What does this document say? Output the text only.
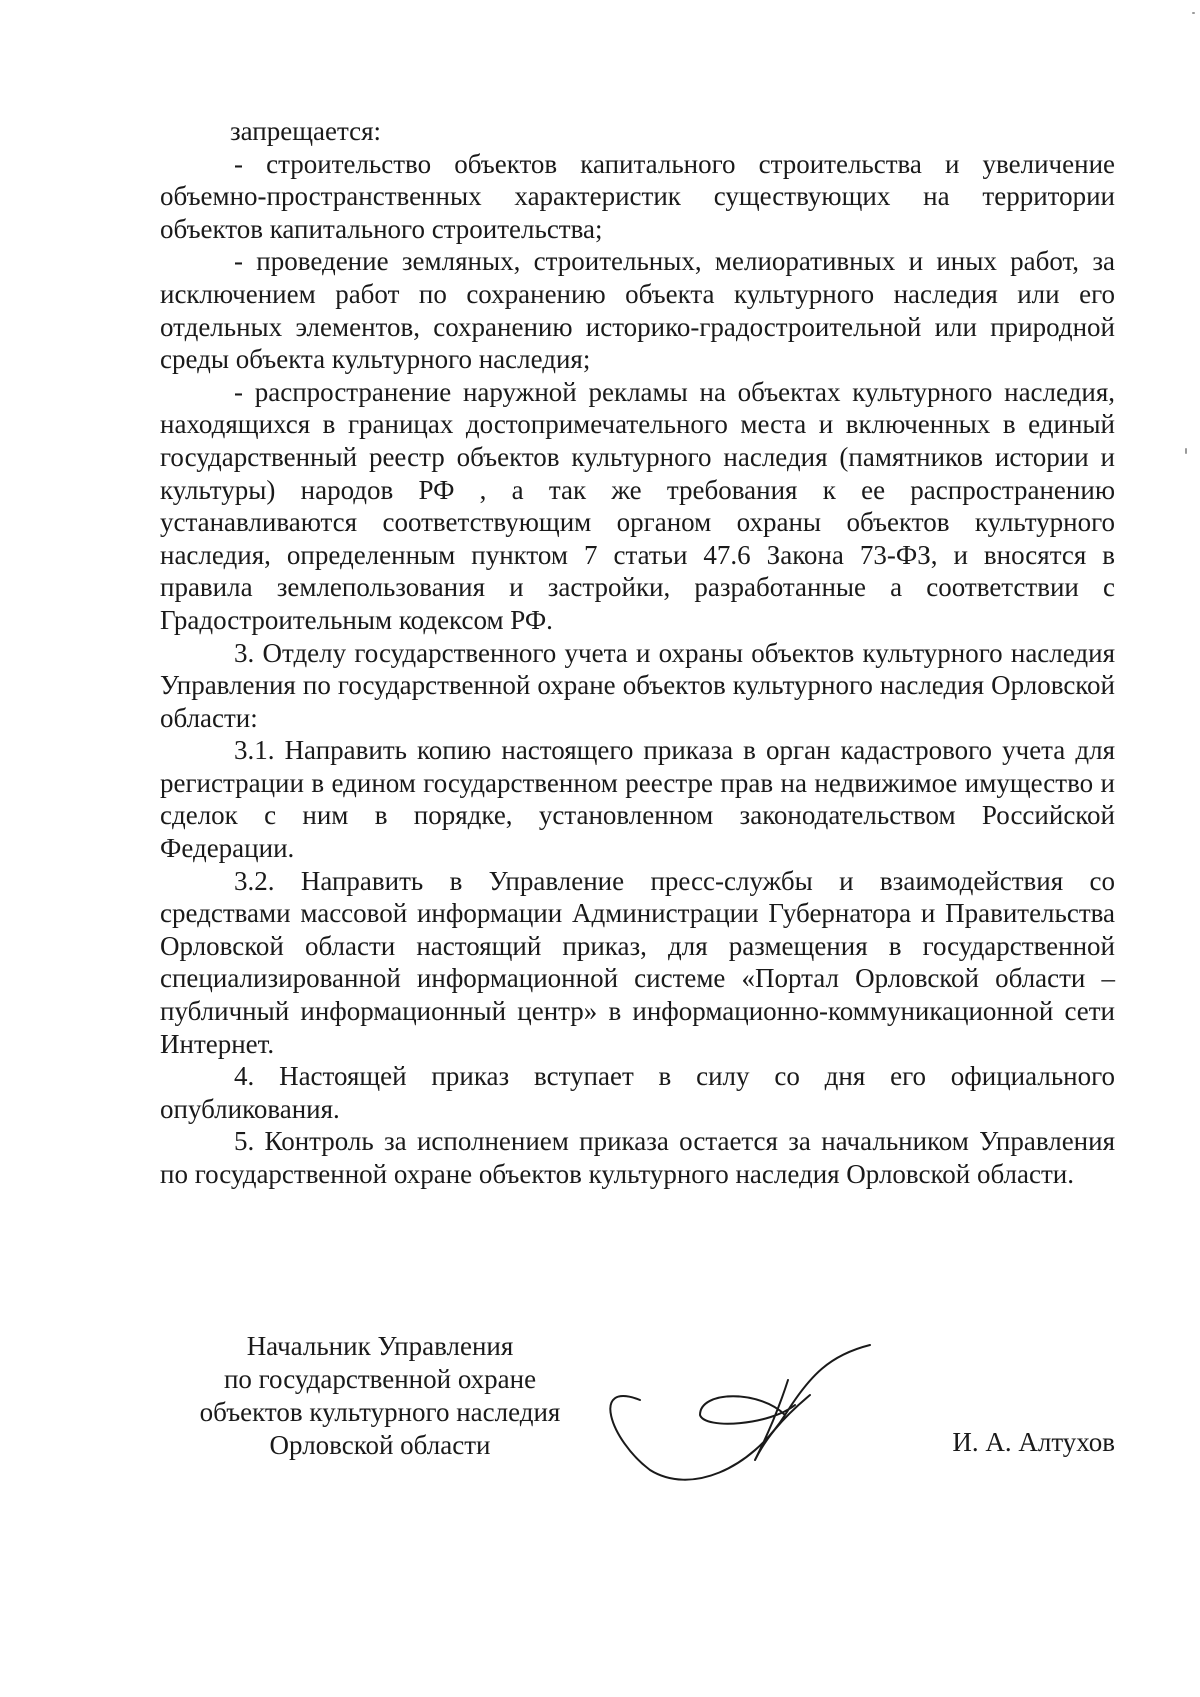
запрещается:

- строительство объектов капитального строительства и увеличение объемно-пространственных характеристик существующих на территории объектов капитального строительства;

- проведение земляных, строительных, мелиоративных и иных работ, за исключением работ по сохранению объекта культурного наследия или его отдельных элементов, сохранению историко-градостроительной или природной среды объекта культурного наследия;

- распространение наружной рекламы на объектах культурного наследия, находящихся в границах достопримечательного места и включенных в единый государственный реестр объектов культурного наследия (памятников истории и культуры) народов РФ , а так же требования к ее распространению устанавливаются соответствующим органом охраны объектов культурного наследия, определенным пунктом 7 статьи 47.6 Закона 73-ФЗ, и вносятся в правила землепользования и застройки, разработанные а соответствии с Градостроительным кодексом РФ.

3. Отделу государственного учета и охраны объектов культурного наследия Управления по государственной охране объектов культурного наследия Орловской области:

3.1. Направить копию настоящего приказа в орган кадастрового учета для регистрации в едином государственном реестре прав на недвижимое имущество и сделок с ним в порядке, установленном законодательством Российской Федерации.

3.2. Направить в Управление пресс-службы и взаимодействия со средствами массовой информации Администрации Губернатора и Правительства Орловской области настоящий приказ, для размещения в государственной специализированной информационной системе «Портал Орловской области – публичный информационный центр» в информационно-коммуникационной сети Интернет.

4. Настоящей приказ вступает в силу со дня его официального опубликования.

5. Контроль за исполнением приказа остается за начальником Управления по государственной охране объектов культурного наследия Орловской области.

Начальник Управления
по государственной охране
объектов культурного наследия
Орловской области	И. А. Алтухов
